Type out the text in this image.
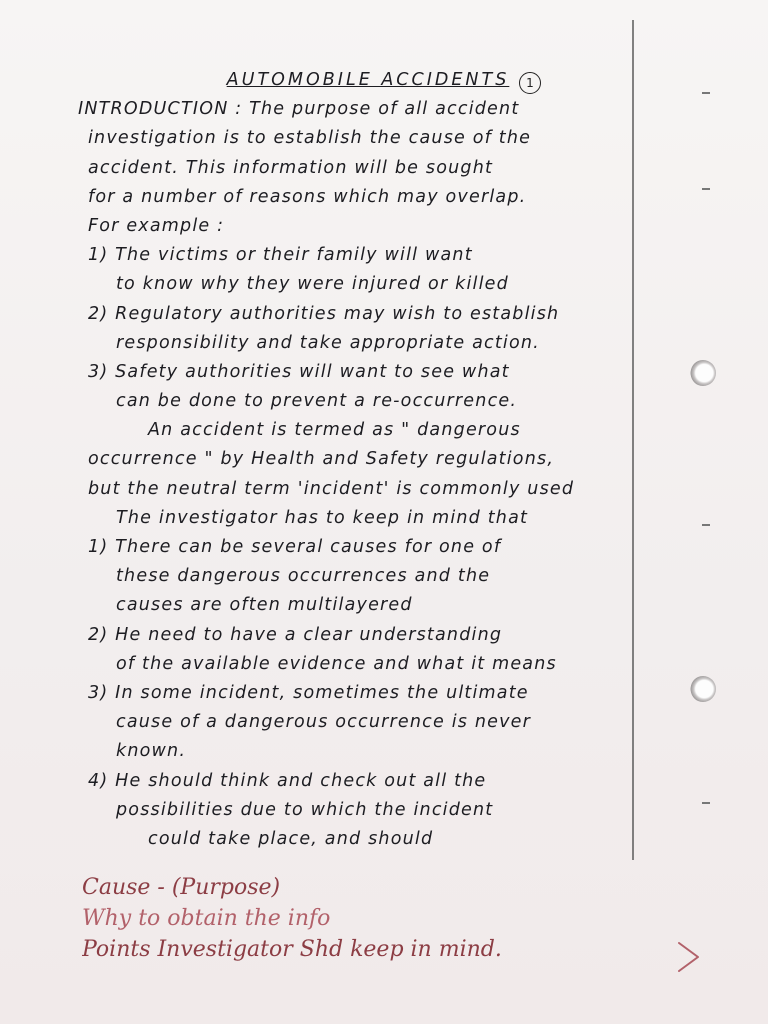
1
AUTOMOBILE ACCIDENTS
INTRODUCTION : The purpose of all accident
investigation is to establish the cause of the
accident. This information will be sought
for a number of reasons which may overlap.
For example :
1) The victims or their family will want
to know why they were injured or killed
2) Regulatory authorities may wish to establish
responsibility and take appropriate action.
3) Safety authorities will want to see what
can be done to prevent a re-occurrence.
An accident is termed as " dangerous
occurrence " by Health and Safety regulations,
but the neutral term 'incident' is commonly used
The investigator has to keep in mind that
1) There can be several causes for one of
these dangerous occurrences and the
causes are often multilayered
2) He need to have a clear understanding
of the available evidence and what it means
3) In some incident, sometimes the ultimate
cause of a dangerous occurrence is never
known.
4) He should think and check out all the
possibilities due to which the incident
could take place, and should
Cause - (Purpose)
Why to obtain the info
Points Investigator Shd keep in mind.
